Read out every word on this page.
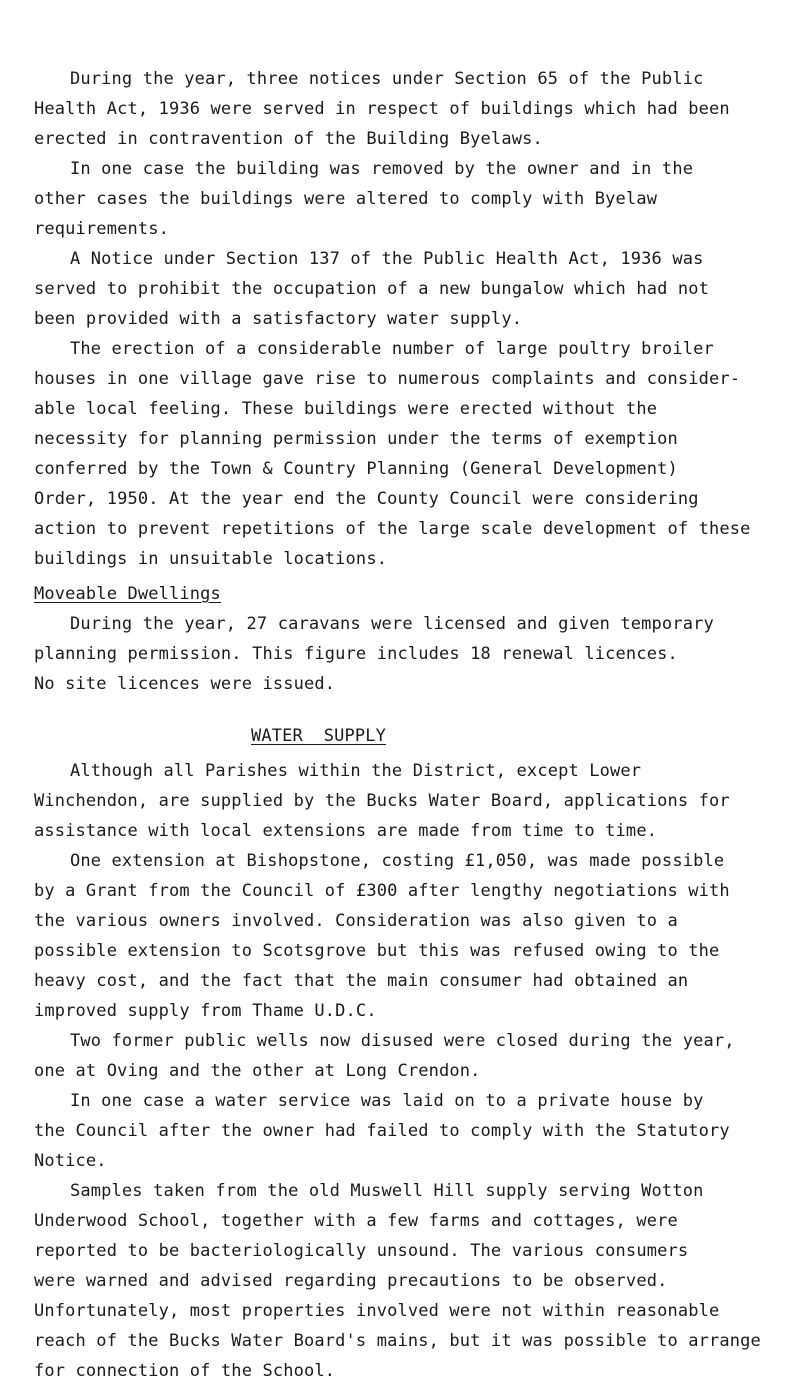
During the year, three notices under Section 65 of the Public

Health Act, 1936 were served in respect of buildings which had been

erected in contravention of the Building Byelaws.

In one case the building was removed by the owner and in the

other cases the buildings were altered to comply with Byelaw

requirements.

A Notice under Section 137 of the Public Health Act, 1936 was

served to prohibit the occupation of a new bungalow which had not

been provided with a satisfactory water supply.

The erection of a considerable number of large poultry broiler

houses in one village gave rise to numerous complaints and consider-

able local feeling. These buildings were erected without the

necessity for planning permission under the terms of exemption

conferred by the Town & Country Planning (General Development)

Order, 1950. At the year end the County Council were considering

action to prevent repetitions of the large scale development of these

buildings in unsuitable locations.

Moveable Dwellings

During the year, 27 caravans were licensed and given temporary

planning permission. This figure includes 18 renewal licences.

No site licences were issued.

WATER  SUPPLY

Although all Parishes within the District, except Lower

Winchendon, are supplied by the Bucks Water Board, applications for

assistance with local extensions are made from time to time.

One extension at Bishopstone, costing £1,050, was made possible

by a Grant from the Council of £300 after lengthy negotiations with

the various owners involved. Consideration was also given to a

possible extension to Scotsgrove but this was refused owing to the

heavy cost, and the fact that the main consumer had obtained an

improved supply from Thame U.D.C.

Two former public wells now disused were closed during the year,

one at Oving and the other at Long Crendon.

In one case a water service was laid on to a private house by

the Council after the owner had failed to comply with the Statutory

Notice.

Samples taken from the old Muswell Hill supply serving Wotton

Underwood School, together with a few farms and cottages, were

reported to be bacteriologically unsound. The various consumers

were warned and advised regarding precautions to be observed.

Unfortunately, most properties involved were not within reasonable

reach of the Bucks Water Board's mains, but it was possible to arrange

for connection of the School.
